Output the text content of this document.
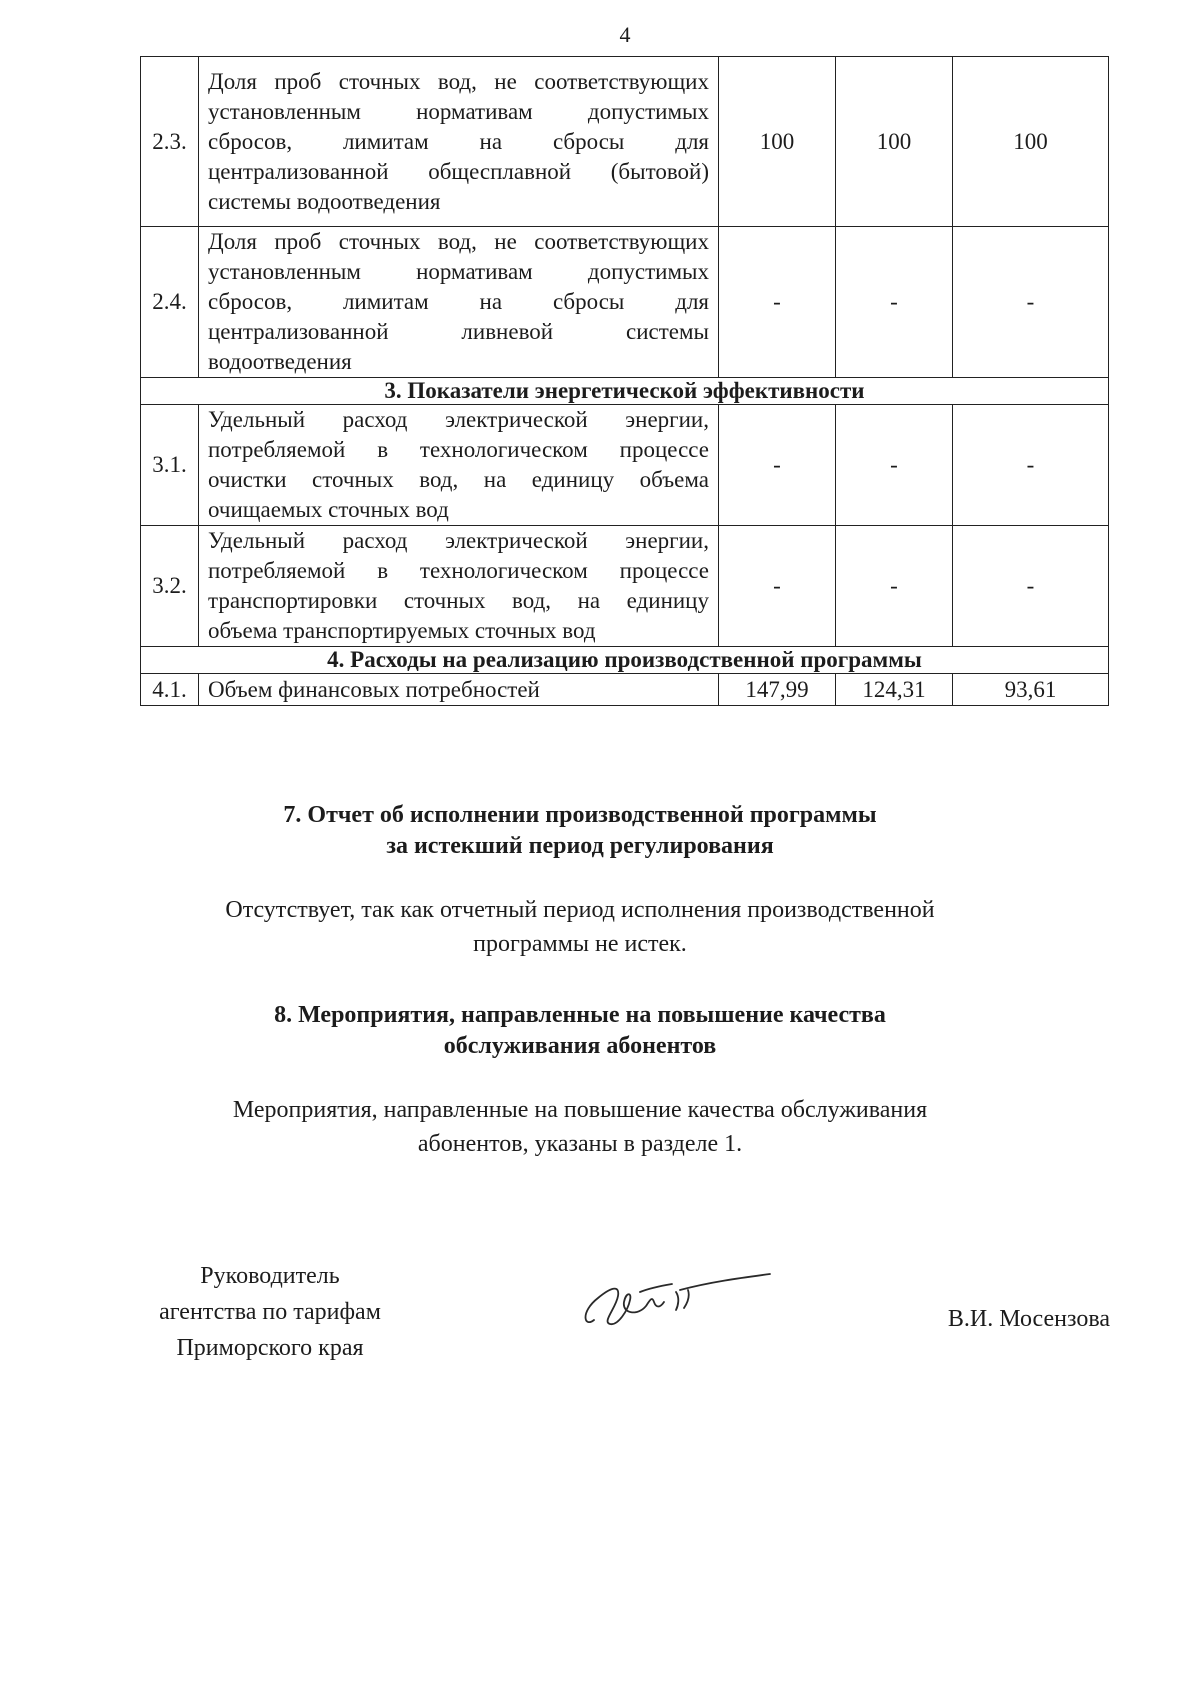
4
2.3.	Доля проб сточных вод, не соответствующих
установленным нормативам допустимых
сбросов, лимитам на сбросы для
централизованной общесплавной (бытовой)
системы водоотведения	100	100	100
2.4.	Доля проб сточных вод, не соответствующих
установленным нормативам допустимых
сбросов, лимитам на сбросы для
централизованной ливневой системы
водоотведения	-	-	-
3. Показатели энергетической эффективности				
3.1.	Удельный расход электрической энергии,
потребляемой в технологическом процессе
очистки сточных вод, на единицу объема
очищаемых сточных вод	-	-	-
3.2.	Удельный расход электрической энергии,
потребляемой в технологическом процессе
транспортировки сточных вод, на единицу
объема транспортируемых сточных вод	-	-	-
4. Расходы на реализацию производственной программы				
4.1.	Объем финансовых потребностей	147,99	124,31	93,61
7. Отчет об исполнении производственной программы
за истекший период регулирования
Отсутствует, так как отчетный период исполнения производственной
программы не истек.
8. Мероприятия, направленные на повышение качества
обслуживания абонентов
Мероприятия, направленные на повышение качества обслуживания
абонентов, указаны в разделе 1.
Руководитель
агентства по тарифам
Приморского края
В.И. Мосензова
